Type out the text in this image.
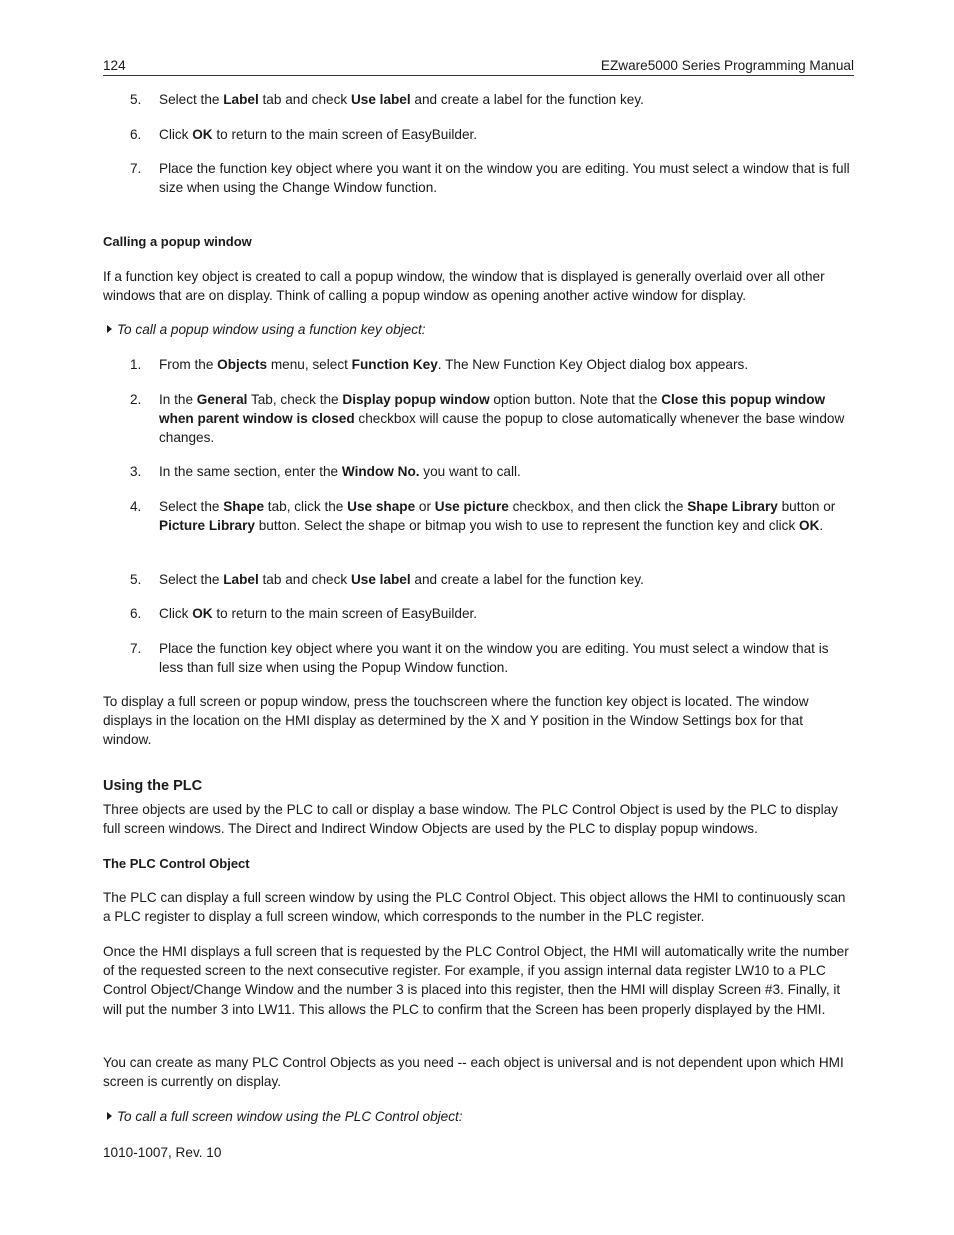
124	EZware5000 Series Programming Manual
5. Select the Label tab and check Use label and create a label for the function key.
6. Click OK to return to the main screen of EasyBuilder.
7. Place the function key object where you want it on the window you are editing. You must select a window that is full size when using the Change Window function.
Calling a popup window
If a function key object is created to call a popup window, the window that is displayed is generally overlaid over all other windows that are on display. Think of calling a popup window as opening another active window for display.
To call a popup window using a function key object:
1. From the Objects menu, select Function Key. The New Function Key Object dialog box appears.
2. In the General Tab, check the Display popup window option button. Note that the Close this popup window when parent window is closed checkbox will cause the popup to close automatically whenever the base window changes.
3. In the same section, enter the Window No. you want to call.
4. Select the Shape tab, click the Use shape or Use picture checkbox, and then click the Shape Library button or Picture Library button. Select the shape or bitmap you wish to use to represent the function key and click OK.
5. Select the Label tab and check Use label and create a label for the function key.
6. Click OK to return to the main screen of EasyBuilder.
7. Place the function key object where you want it on the window you are editing. You must select a window that is less than full size when using the Popup Window function.
To display a full screen or popup window, press the touchscreen where the function key object is located. The window displays in the location on the HMI display as determined by the X and Y position in the Window Settings box for that window.
Using the PLC
Three objects are used by the PLC to call or display a base window. The PLC Control Object is used by the PLC to display full screen windows. The Direct and Indirect Window Objects are used by the PLC to display popup windows.
The PLC Control Object
The PLC can display a full screen window by using the PLC Control Object. This object allows the HMI to continuously scan a PLC register to display a full screen window, which corresponds to the number in the PLC register.
Once the HMI displays a full screen that is requested by the PLC Control Object, the HMI will automatically write the number of the requested screen to the next consecutive register. For example, if you assign internal data register LW10 to a PLC Control Object/Change Window and the number 3 is placed into this register, then the HMI will display Screen #3. Finally, it will put the number 3 into LW11. This allows the PLC to confirm that the Screen has been properly displayed by the HMI.
You can create as many PLC Control Objects as you need -- each object is universal and is not dependent upon which HMI screen is currently on display.
To call a full screen window using the PLC Control object:
1010-1007, Rev. 10
